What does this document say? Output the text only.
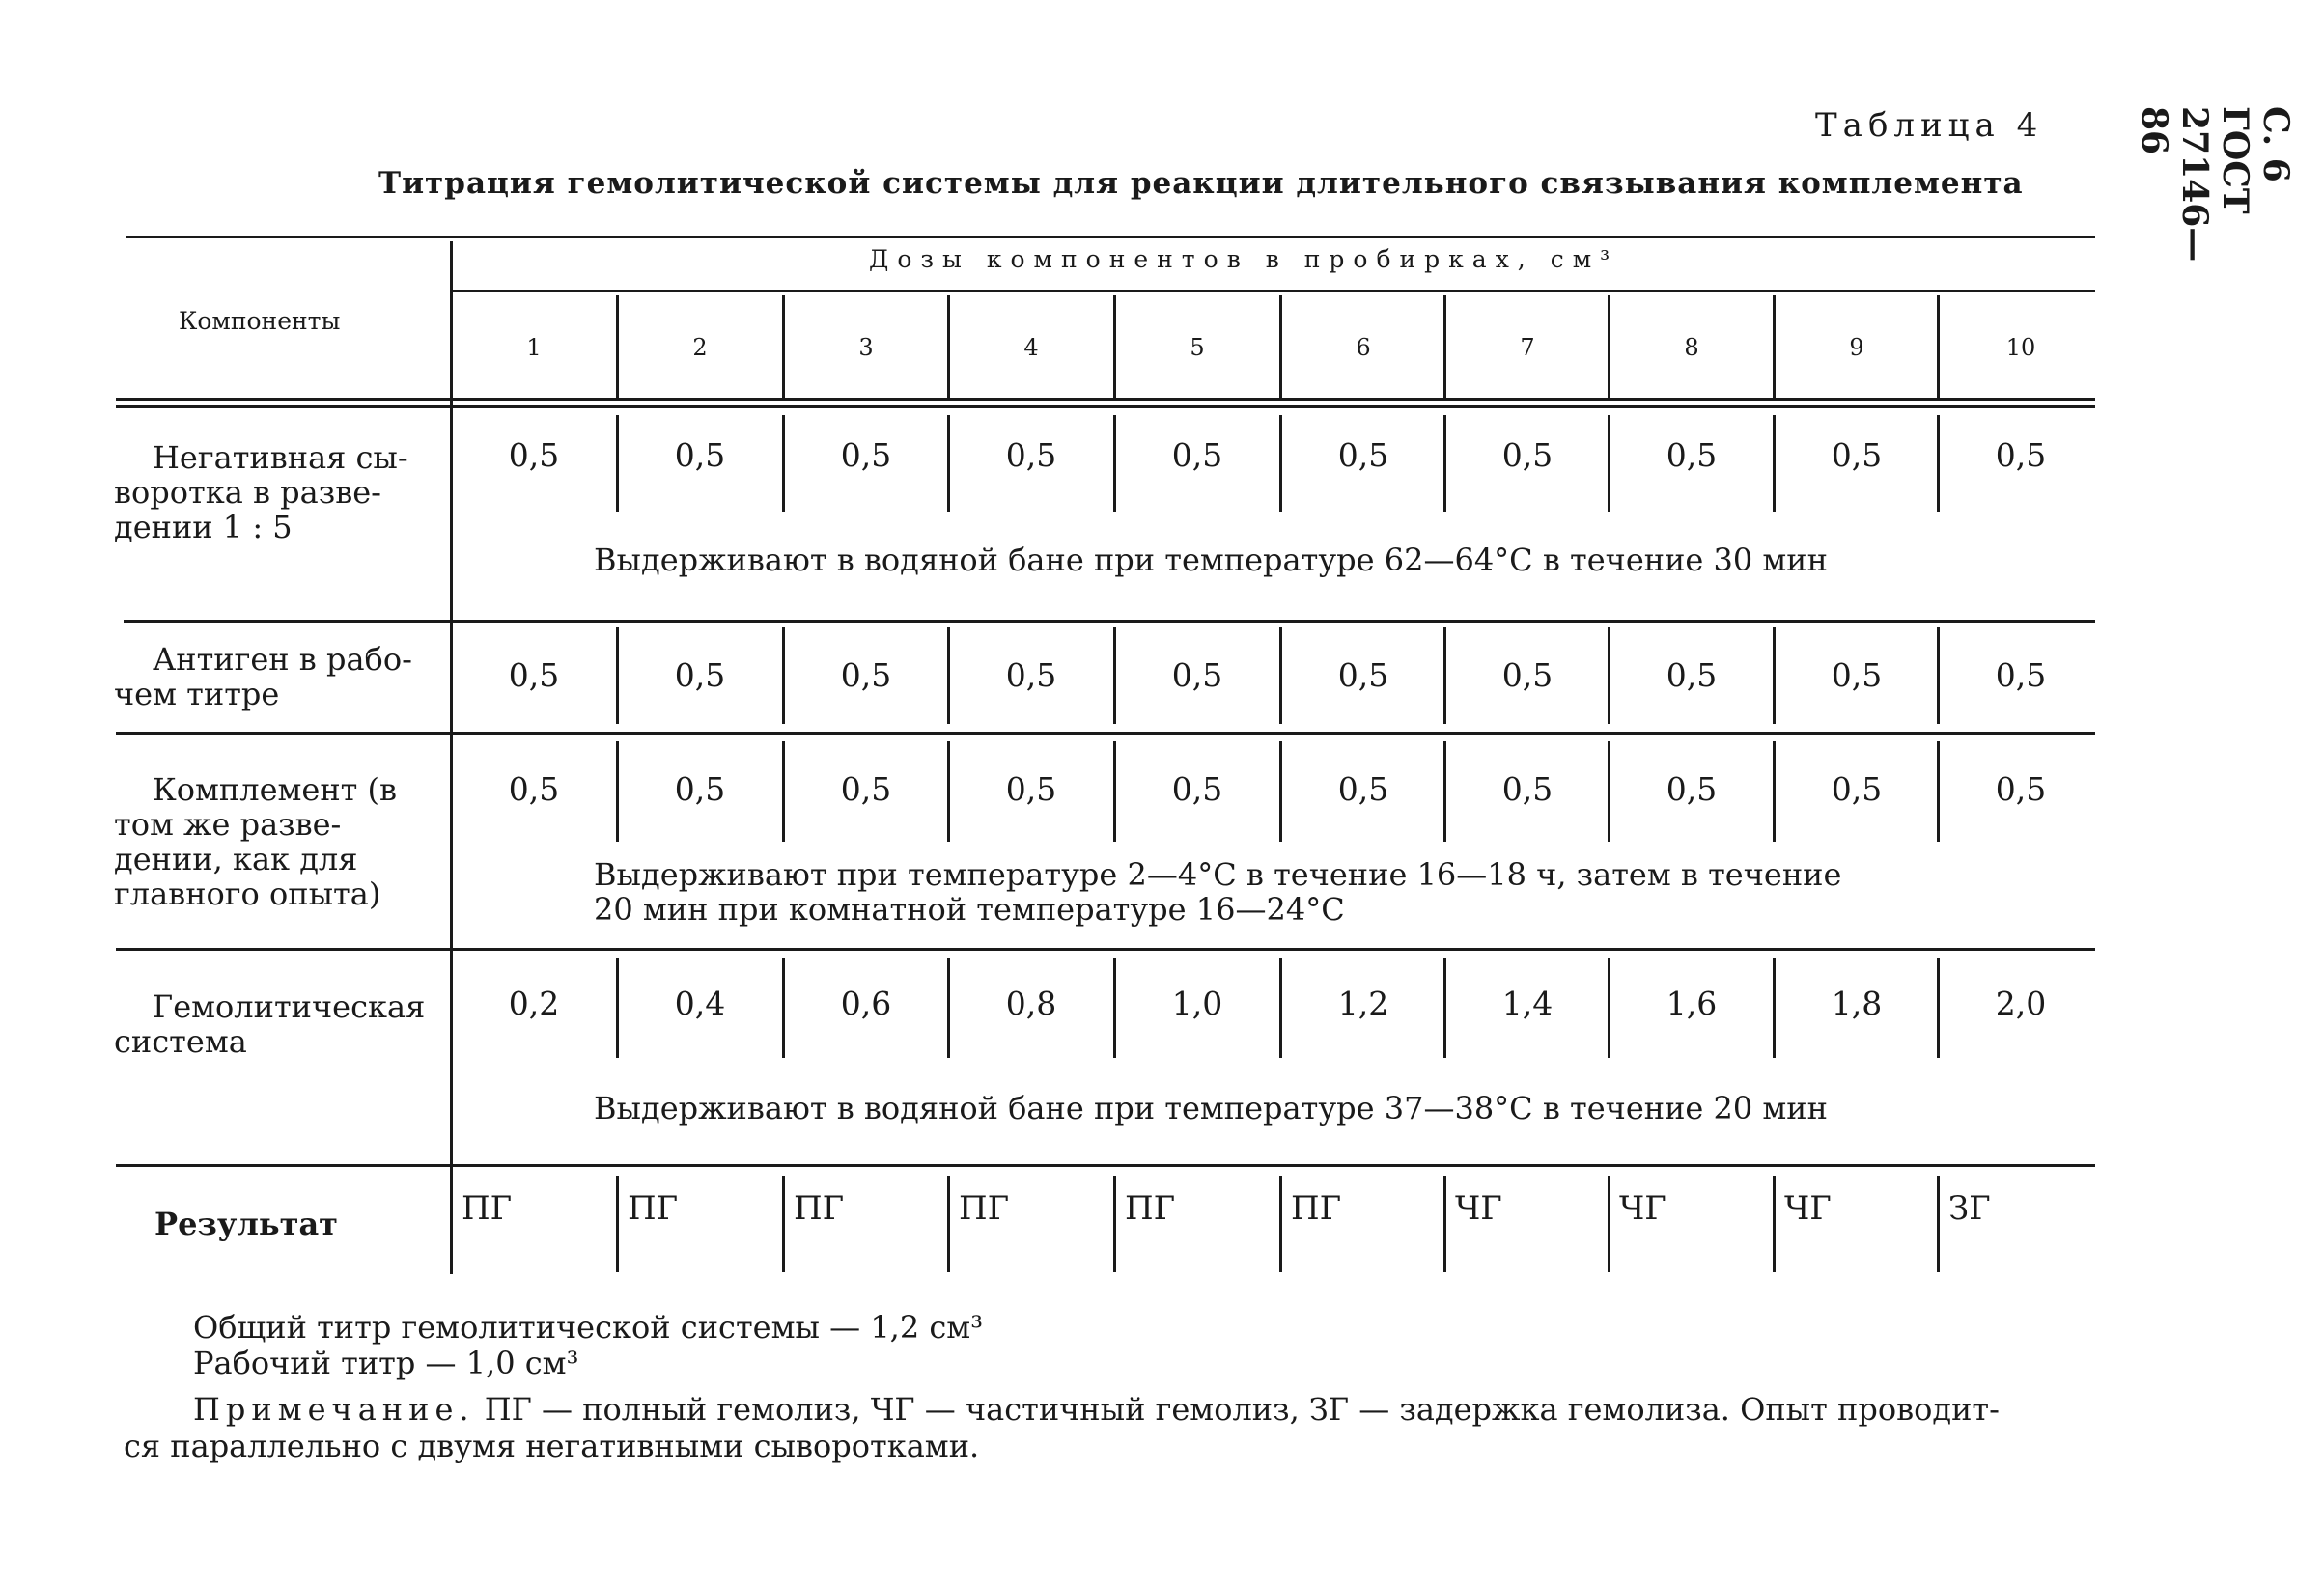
Таблица 4
Титрация гемолитической системы для реакции длительного связывания комплемента
С. 6 ГОСТ 27146—86
Компоненты
Дозы компонентов в пробирках, см³
1	2	3	4	5	6	7	8	9	10
Негативная сы-
воротка в разве-
дении 1 : 5
0,5	0,5	0,5	0,5	0,5	0,5	0,5	0,5	0,5	0,5
Выдерживают в водяной бане при температуре 62—64°С в течение 30 мин
Антиген в рабо-
чем титре	0,5	0,5	0,5	0,5	0,5	0,5	0,5	0,5	0,5	0,5
Комплемент (в
том же разве-
дении, как для
главного опыта)
0,5	0,5	0,5	0,5	0,5	0,5	0,5	0,5	0,5	0,5
Выдерживают при температуре 2—4°С в течение 16—18 ч, затем в течение
20 мин при комнатной температуре 16—24°С
Гемолитическая
система
0,2	0,4	0,6	0,8	1,0	1,2	1,4	1,6	1,8	2,0
Выдерживают в водяной бане при температуре 37—38°С в течение 20 мин
Результат	ПГ	ПГ	ПГ	ПГ	ПГ	ПГ	ЧГ	ЧГ	ЧГ	ЗГ
Общий титр гемолитической системы — 1,2 см³
Рабочий титр — 1,0 см³
Примечание. ПГ — полный гемолиз, ЧГ — частичный гемолиз, ЗГ — задержка гемолиза. Опыт проводит-
ся параллельно с двумя негативными сыворотками.
